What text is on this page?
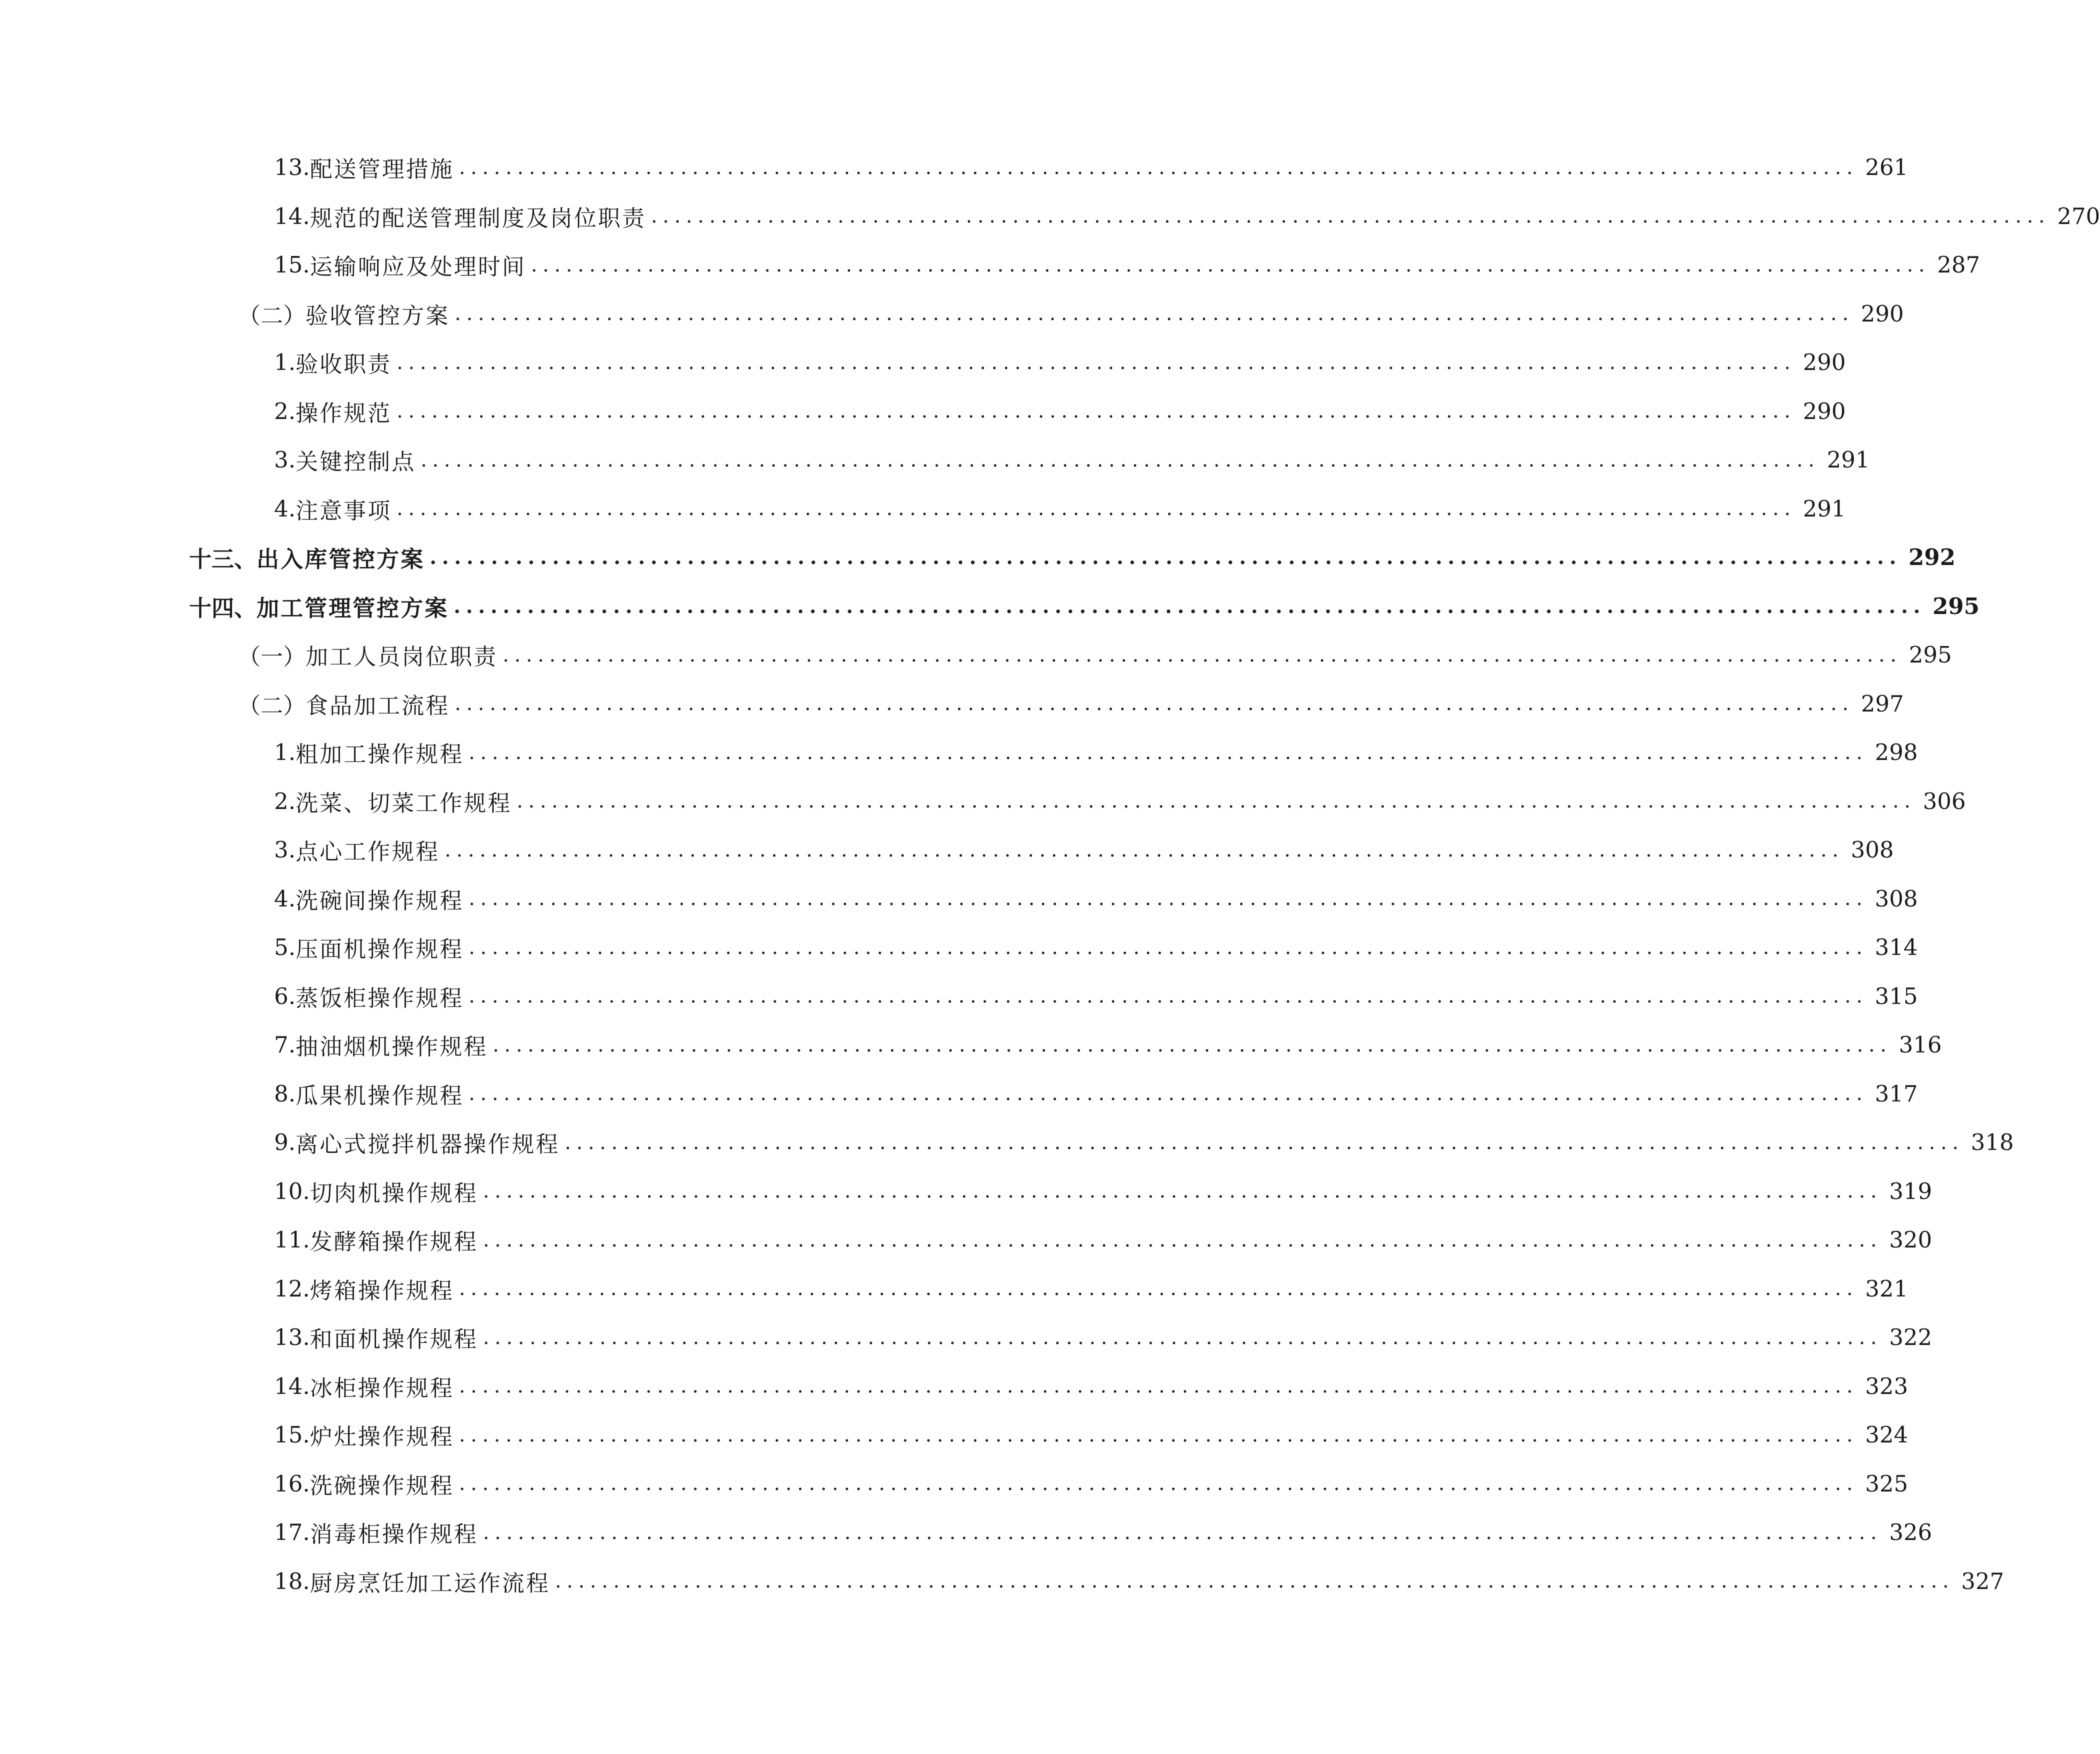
13. 配送管理措施 ........................................................................................................................ 261
14. 规范的配送管理制度及岗位职责 ........................................................................................................................ 270
15. 运输响应及处理时间 ........................................................................................................................ 287
（二） 验收管控方案 ........................................................................................................................ 290
1. 验收职责 ........................................................................................................................ 290
2. 操作规范 ........................................................................................................................ 290
3. 关键控制点 ........................................................................................................................ 291
4. 注意事项 ........................................................................................................................ 291
十三、 出入库管控方案 ........................................................................................................................ 292
十四、 加工管理管控方案 ........................................................................................................................ 295
（一） 加工人员岗位职责 ........................................................................................................................ 295
（二） 食品加工流程 ........................................................................................................................ 297
1. 粗加工操作规程 ........................................................................................................................ 298
2. 洗菜、切菜工作规程 ........................................................................................................................ 306
3. 点心工作规程 ........................................................................................................................ 308
4. 洗碗间操作规程 ........................................................................................................................ 308
5. 压面机操作规程 ........................................................................................................................ 314
6. 蒸饭柜操作规程 ........................................................................................................................ 315
7. 抽油烟机操作规程 ........................................................................................................................ 316
8. 瓜果机操作规程 ........................................................................................................................ 317
9. 离心式搅拌机器操作规程 ........................................................................................................................ 318
10. 切肉机操作规程 ........................................................................................................................ 319
11. 发酵箱操作规程 ........................................................................................................................ 320
12. 烤箱操作规程 ........................................................................................................................ 321
13. 和面机操作规程 ........................................................................................................................ 322
14. 冰柜操作规程 ........................................................................................................................ 323
15. 炉灶操作规程 ........................................................................................................................ 324
16. 洗碗操作规程 ........................................................................................................................ 325
17. 消毒柜操作规程 ........................................................................................................................ 326
18. 厨房烹饪加工运作流程 ........................................................................................................................ 327
